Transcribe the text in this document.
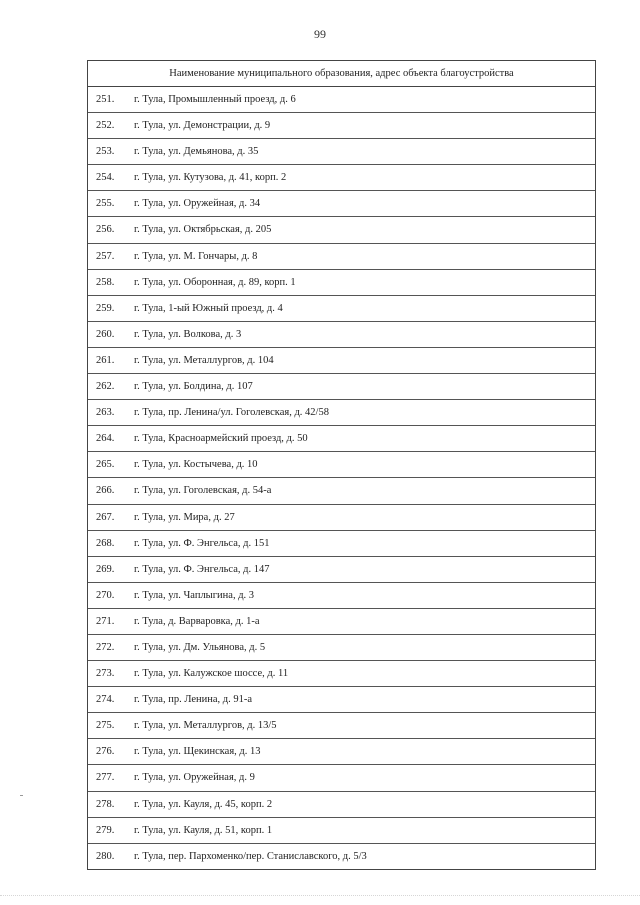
99
Наименование муниципального образования, адрес объекта благоустройства
251.	г. Тула, Промышленный проезд, д. 6
252.	г. Тула, ул. Демонстрации, д. 9
253.	г. Тула, ул. Демьянова, д. 35
254.	г. Тула, ул. Кутузова, д. 41, корп. 2
255.	г. Тула, ул. Оружейная, д. 34
256.	г. Тула, ул. Октябрьская, д. 205
257.	г. Тула, ул. М. Гончары, д. 8
258.	г. Тула, ул. Оборонная, д. 89, корп. 1
259.	г. Тула, 1-ый Южный проезд, д. 4
260.	г. Тула, ул. Волкова, д. 3
261.	г. Тула, ул. Металлургов, д. 104
262.	г. Тула, ул. Болдина, д. 107
263.	г. Тула, пр. Ленина/ул. Гоголевская, д. 42/58
264.	г. Тула, Красноармейский проезд, д. 50
265.	г. Тула, ул. Костычева, д. 10
266.	г. Тула, ул. Гоголевская, д. 54-а
267.	г. Тула, ул. Мира, д. 27
268.	г. Тула, ул. Ф. Энгельса, д. 151
269.	г. Тула, ул. Ф. Энгельса, д. 147
270.	г. Тула, ул. Чаплыгина, д. 3
271.	г. Тула, д. Варваровка, д. 1-а
272.	г. Тула, ул. Дм. Ульянова, д. 5
273.	г. Тула, ул. Калужское шоссе, д. 11
274.	г. Тула, пр. Ленина, д. 91-а
275.	г. Тула, ул. Металлургов, д. 13/5
276.	г. Тула, ул. Щекинская, д. 13
277.	г. Тула, ул. Оружейная, д. 9
278.	г. Тула, ул. Кауля, д. 45, корп. 2
279.	г. Тула, ул. Кауля, д. 51, корп. 1
280.	г. Тула, пер. Пархоменко/пер. Станиславского, д. 5/3
